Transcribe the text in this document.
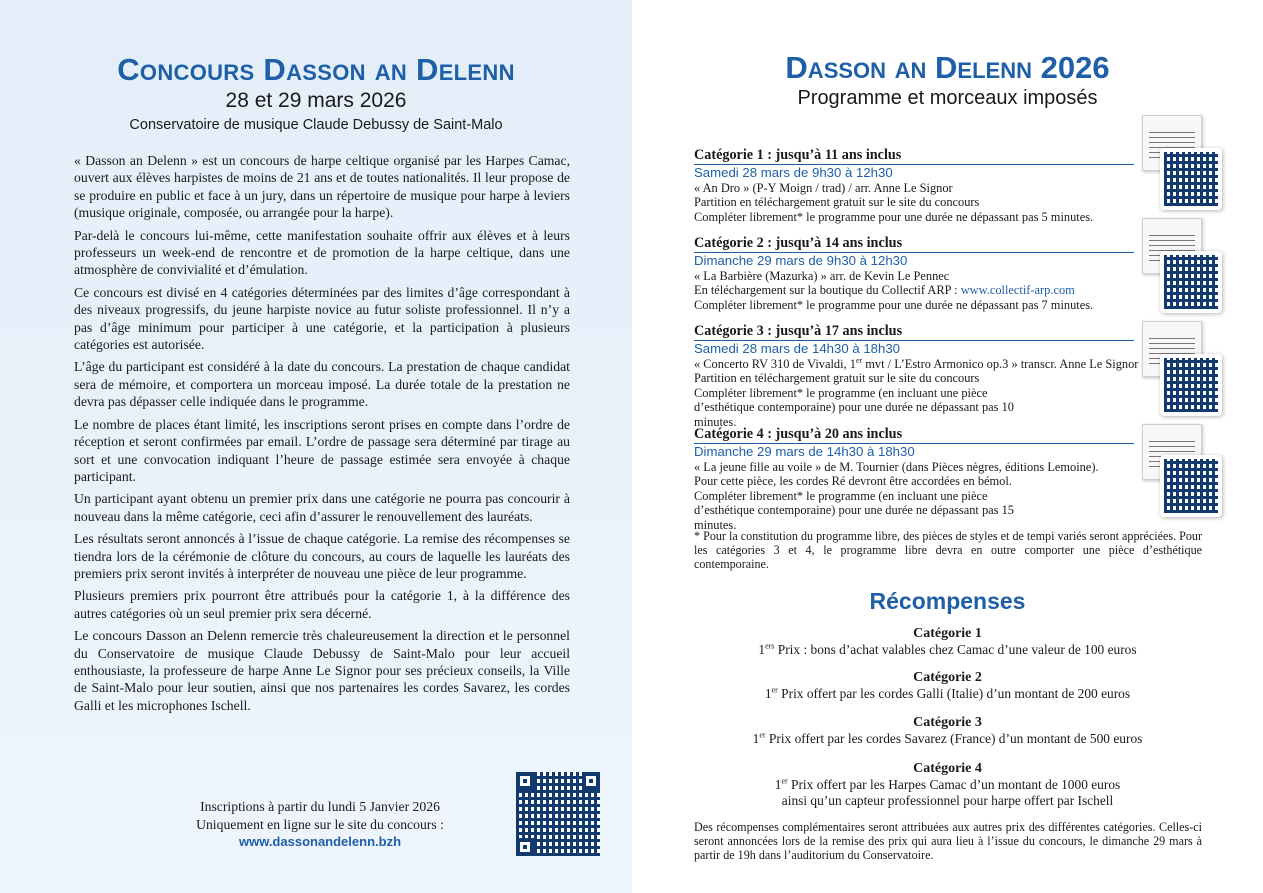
Concours Dasson an Delenn
28 et 29 mars 2026
Conservatoire de musique Claude Debussy de Saint-Malo

« Dasson an Delenn » est un concours de harpe celtique organisé par les Harpes Camac, ouvert aux élèves harpistes de moins de 21 ans et de toutes nationalités. Il leur propose de se produire en public et face à un jury, dans un répertoire de musique pour harpe à leviers (musique originale, composée, ou arrangée pour la harpe).

Par-delà le concours lui-même, cette manifestation souhaite offrir aux élèves et à leurs professeurs un week-end de rencontre et de promotion de la harpe celtique, dans une atmosphère de convivialité et d’émulation.

Ce concours est divisé en 4 catégories déterminées par des limites d’âge correspondant à des niveaux progressifs, du jeune harpiste novice au futur soliste professionnel. Il n’y a pas d’âge minimum pour participer à une catégorie, et la participation à plusieurs catégories est autorisée.

L’âge du participant est considéré à la date du concours. La prestation de chaque candidat sera de mémoire, et comportera un morceau imposé. La durée totale de la prestation ne devra pas dépasser celle indiquée dans le programme.

Le nombre de places étant limité, les inscriptions seront prises en compte dans l’ordre de réception et seront confirmées par email. L’ordre de passage sera déterminé par tirage au sort et une convocation indiquant l’heure de passage estimée sera envoyée à chaque participant.

Un participant ayant obtenu un premier prix dans une catégorie ne pourra pas concourir à nouveau dans la même catégorie, ceci afin d’assurer le renouvellement des lauréats.

Les résultats seront annoncés à l’issue de chaque catégorie. La remise des récompenses se tiendra lors de la cérémonie de clôture du concours, au cours de laquelle les lauréats des premiers prix seront invités à interpréter de nouveau une pièce de leur programme.

Plusieurs premiers prix pourront être attribués pour la catégorie 1, à la différence des autres catégories où un seul premier prix sera décerné.

Le concours Dasson an Delenn remercie très chaleureusement la direction et le personnel du Conservatoire de musique Claude Debussy de Saint-Malo pour leur accueil enthousiaste, la professeure de harpe Anne Le Signor pour ses précieux conseils, la Ville de Saint-Malo pour leur soutien, ainsi que nos partenaires les cordes Savarez, les cordes Galli et les microphones Ischell.

Inscriptions à partir du lundi 5 Janvier 2026
Uniquement en ligne sur le site du concours :
www.dassonandelenn.bzh
Dasson an Delenn 2026
Programme et morceaux imposés
Catégorie 1 : jusqu’à 11 ans inclus
Samedi 28 mars de 9h30 à 12h30
« An Dro » (P-Y Moign / trad) / arr. Anne Le Signor
Partition en téléchargement gratuit sur le site du concours
Compléter librement* le programme pour une durée ne dépassant pas 5 minutes.
Catégorie 2 : jusqu’à 14 ans inclus
Dimanche 29 mars de 9h30 à 12h30
« La Barbière (Mazurka) » arr. de Kevin Le Pennec
En téléchargement sur la boutique du Collectif ARP : www.collectif-arp.com
Compléter librement* le programme pour une durée ne dépassant pas 7 minutes.
Catégorie 3 : jusqu’à 17 ans inclus
Samedi 28 mars de 14h30 à 18h30
« Concerto RV 310 de Vivaldi, 1er mvt / L’Estro Armonico op.3 » transcr. Anne Le Signor
Partition en téléchargement gratuit sur le site du concours
Compléter librement* le programme (en incluant une pièce d’esthétique contemporaine) pour une durée ne dépassant pas 10 minutes.
Catégorie 4 : jusqu’à 20 ans inclus
Dimanche 29 mars de 14h30 à 18h30
« La jeune fille au voile » de M. Tournier (dans Pièces nègres, éditions Lemoine).
Pour cette pièce, les cordes Ré devront être accordées en bémol.
Compléter librement* le programme (en incluant une pièce d’esthétique contemporaine) pour une durée ne dépassant pas 15 minutes.
* Pour la constitution du programme libre, des pièces de styles et de tempi variés seront appréciées. Pour les catégories 3 et 4, le programme libre devra en outre comporter une pièce d’esthétique contemporaine.
Récompenses
Catégorie 1
1ers Prix : bons d’achat valables chez Camac d’une valeur de 100 euros
Catégorie 2
1er Prix offert par les cordes Galli (Italie) d’un montant de 200 euros
Catégorie 3
1er Prix offert par les cordes Savarez (France) d’un montant de 500 euros
Catégorie 4
1er Prix offert par les Harpes Camac d’un montant de 1000 euros
ainsi qu’un capteur professionnel pour harpe offert par Ischell
Des récompenses complémentaires seront attribuées aux autres prix des différentes catégories. Celles-ci seront annoncées lors de la remise des prix qui aura lieu à l’issue du concours, le dimanche 29 mars à partir de 19h dans l’auditorium du Conservatoire.
